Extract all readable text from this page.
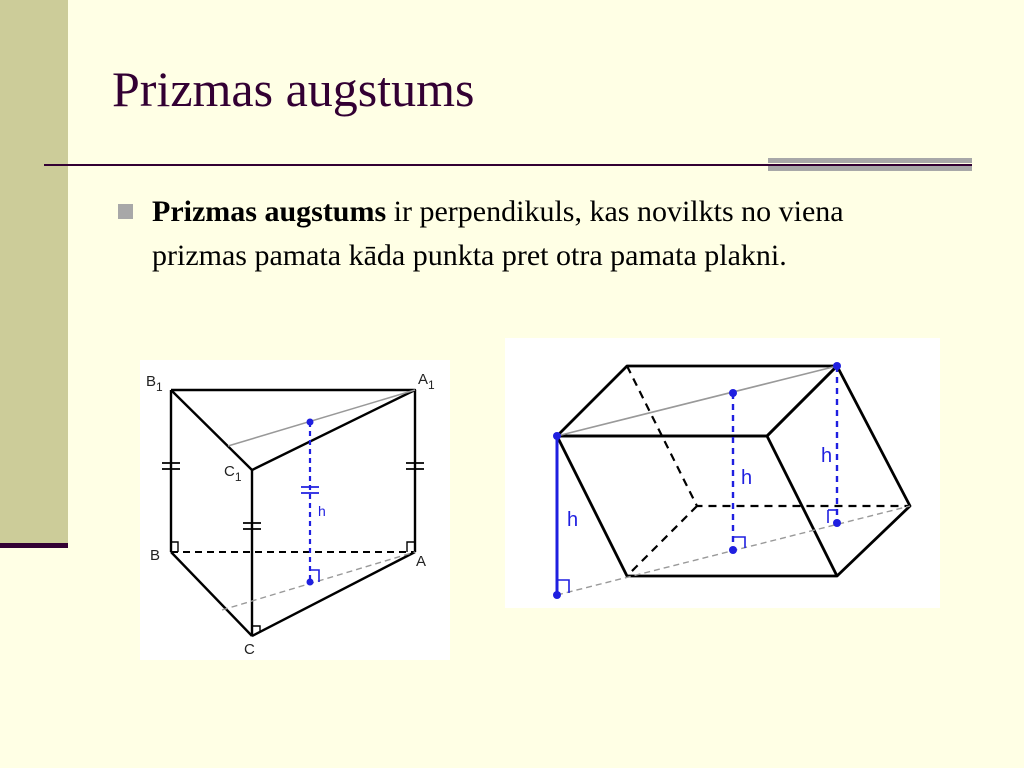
Prizmas augstums
Prizmas augstums ir perpendikuls, kas novilkts no viena prizmas pamata kāda punkta pret otra pamata plakni.
$B_1$	$A_1$
$C_1$
B	A
C
h	h
h
h
